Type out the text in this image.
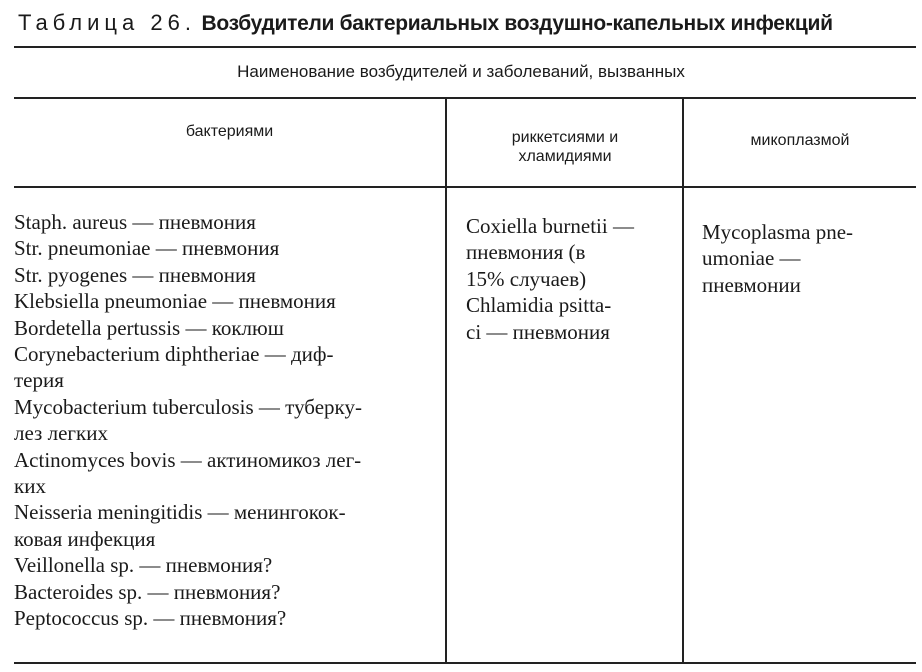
Таблица 26. Возбудители бактериальных воздушно-капельных инфекций
Наименование возбудителей и заболеваний, вызванных
бактериями	риккетсиями и хламидиями
микоплазмой
Staph. aureus — пневмония
Str. pneumoniae — пневмония
Str. pyogenes — пневмония
Klebsiella pneumoniae — пневмония
Bordetella pertussis — коклюш
Corynebacterium diphtheriae — диф-
терия
Mycobacterium tuberculosis — туберку-
лез легких
Actinomyces bovis — актиномикоз лег-
ких
Neisseria meningitidis — менингокок-
ковая инфекция
Veillonella sp. — пневмония?
Bacteroides sp. — пневмония?
Peptococcus sp. — пневмония?
Coxiella burnetii —
пневмония (в
15% случаев)
Chlamidia psitta-
ci — пневмония
Mycoplasma pne-
umoniae —
пневмонии
